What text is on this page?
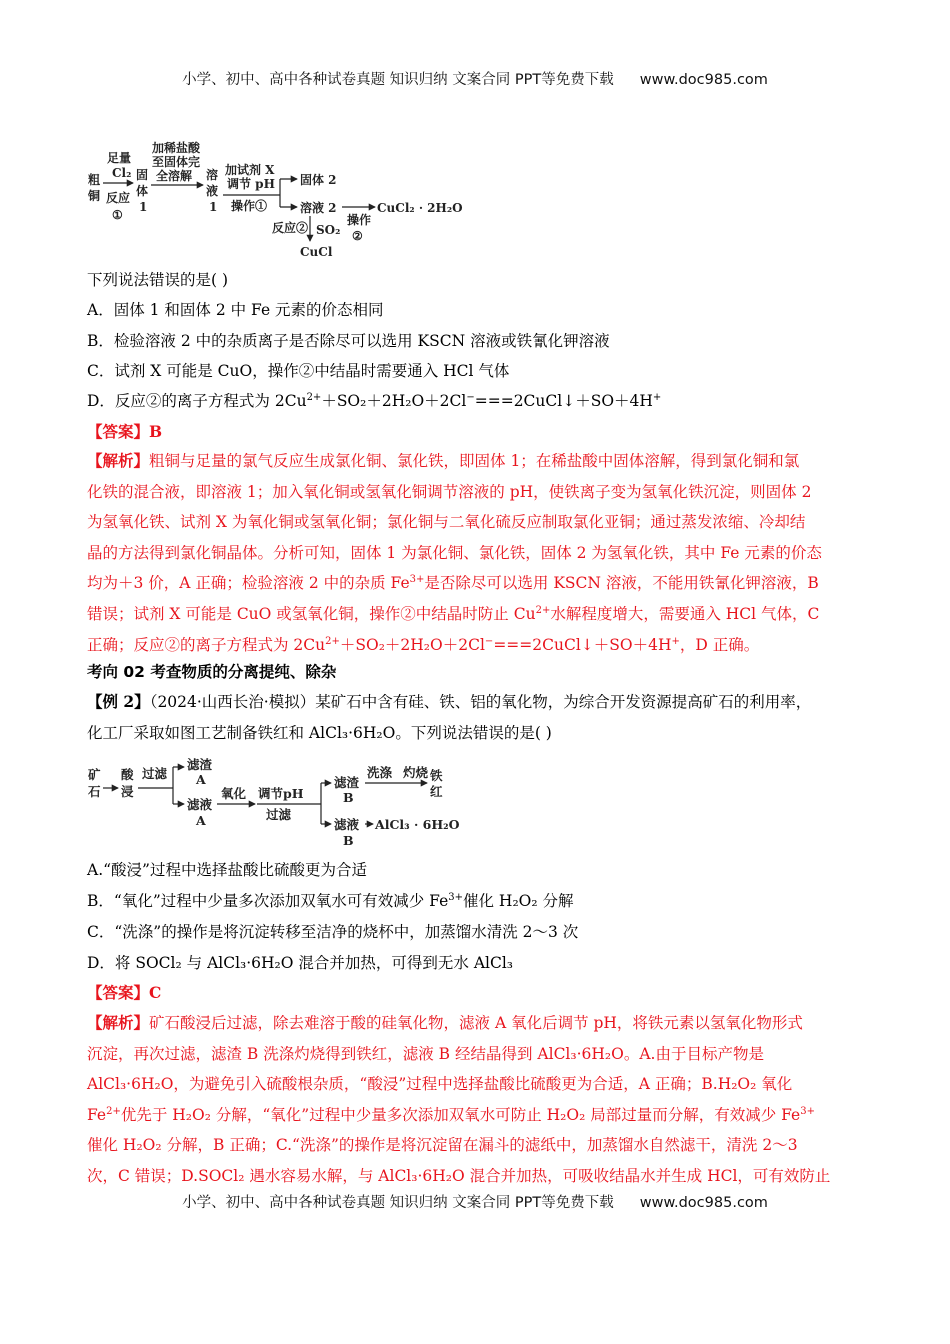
小学、初中、高中各种试卷真题 知识归纳 文案合同 PPT等免费下载 www.doc985.com
粗
铜
足量
Cl₂
反应
①
固
体
1
加稀盐酸
至固体完
全溶解 溶
液
1
加试剂 X
调节 pH
操作①
固体 2
溶液 2
操作
②
CuCl₂ · 2H₂O
反应② SO₂
CuCl
下列说法错误的是( )
A．固体 1 和固体 2 中 Fe 元素的价态相同
B．检验溶液 2 中的杂质离子是否除尽可以选用 KSCN 溶液或铁氰化钾溶液
C．试剂 X 可能是 CuO，操作②中结晶时需要通入 HCl 气体
D．反应②的离子方程式为 $2Cu^{2+}+SO_2+2H_2O+2Cl^-===2CuCl↓+SO+4H^+$
【答案】B

【解析】粗铜与足量的氯气反应生成氯化铜、氯化铁，即固体 1；在稀盐酸中固体溶解，得到氯化铜和氯

化铁的混合液，即溶液 1；加入氧化铜或氢氧化铜调节溶液的 pH，使铁离子变为氢氧化铁沉淀，则固体 2

为氢氧化铁、试剂 X 为氧化铜或氢氧化铜；氯化铜与二氧化硫反应制取氯化亚铜；通过蒸发浓缩、冷却结

晶的方法得到氯化铜晶体。分析可知，固体 1 为氯化铜、氯化铁，固体 2 为氢氧化铁，其中 Fe 元素的价态

均为＋3 价，A 正确；检验溶液 2 中的杂质 $Fe^{3+}$是否除尽可以选用 KSCN 溶液，不能用铁氰化钾溶液，B

错误；试剂 X 可能是 CuO 或氢氧化铜，操作②中结晶时防止 $Cu^{2+}$水解程度增大，需要通入 HCl 气体，C

正确；反应②的离子方程式为 $2Cu^{2+}+SO_2+2H_2O+2Cl^-===2CuCl↓+SO+4H^+$，D 正确。

考向 02 考查物质的分离提纯、除杂
【例 2】（2024·山西长治·模拟）某矿石中含有硅、铁、铝的氧化物，为综合开发资源提高矿石的利用率，
化工厂采取如图工艺制备铁红和 AlCl₃·6H₂O。下列说法错误的是( )
A.“酸浸”过程中选择盐酸比硫酸更为合适
B．“氧化”过程中少量多次添加双氧水可有效减少 $Fe^{3+}$催化 H₂O₂ 分解
C．“洗涤”的操作是将沉淀转移至洁净的烧杯中，加蒸馏水清洗 2～3 次
D．将 SOCl₂ 与 AlCl₃·6H₂O 混合并加热，可得到无水 AlCl₃
【答案】C

【解析】矿石酸浸后过滤，除去难溶于酸的硅氧化物，滤液 A 氧化后调节 pH，将铁元素以氢氧化物形式

沉淀，再次过滤，滤渣 B 洗涤灼烧得到铁红，滤液 B 经结晶得到 AlCl₃·6H₂O。A.由于目标产物是

AlCl₃·6H₂O，为避免引入硫酸根杂质，“酸浸”过程中选择盐酸比硫酸更为合适，A 正确；B.H₂O₂ 氧化

$Fe^{2+}$优先于 H₂O₂ 分解，“氧化”过程中少量多次添加双氧水可防止 H₂O₂ 局部过量而分解，有效减少 $Fe^{3+}$

催化 H₂O₂ 分解，B 正确；C.“洗涤”的操作是将沉淀留在漏斗的滤纸中，加蒸馏水自然滤干，清洗 2～3

次，C 错误；D.SOCl₂ 遇水容易水解，与 AlCl₃·6H₂O 混合并加热，可吸收结晶水并生成 HCl，可有效防止

矿
石
酸
浸
过滤
滤渣
A
滤液
A
氧化 调节pH
过滤
滤渣
B
滤液
B
洗涤 灼烧 铁
红
AlCl₃ · 6H₂O
小学、初中、高中各种试卷真题 知识归纳 文案合同 PPT等免费下载 www.doc985.com
